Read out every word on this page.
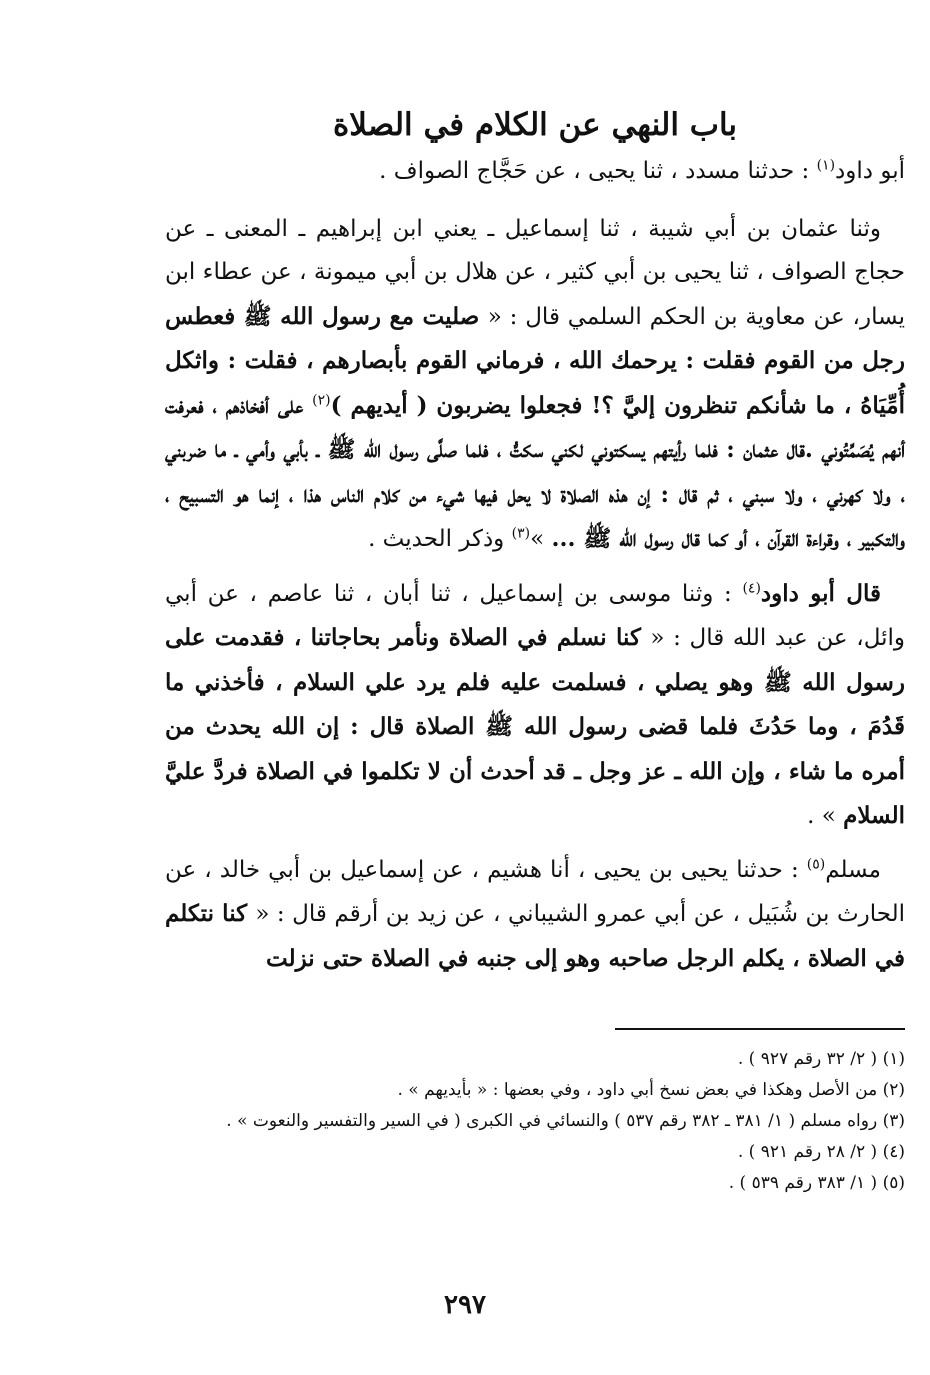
باب النهي عن الكلام في الصلاة

أبو داود$^{(١)}$ : حدثنا مسدد ، ثنا يحيى ، عن حَجَّاج الصواف .

وثنا عثمان بن أبي شيبة ، ثنا إسماعيل ـ يعني ابن إبراهيم ـ المعنى ـ عن حجاج الصواف ، ثنا يحيى بن أبي كثير ، عن هلال بن أبي ميمونة ، عن عطاء ابن يسار، عن معاوية بن الحكم السلمي قال : « صليت مع رسول الله ﷺ فعطس رجل من القوم فقلت : يرحمك الله ، فرماني القوم بأبصارهم ، فقلت : واثكل أُمِّيَاهُ ، ما شأنكم تنظرون إليَّ ؟! فجعلوا يضربون ( أيديهم )$^{(٢)}$ على أفخاذهم ، فعرفت أنهم يُصَمِّتُوني .قال عثمان : فلما رأيتهم يسكتوني لكني سكتُّ ، فلما صلَّى رسول الله ﷺ ـ بأبي وأمي ـ ما ضربني ، ولا كهرني ، ولا سبني ، ثم قال : إن هذه الصلاة لا يحل فيها شيء من كلام الناس هذا ، إنما هو التسبيح ، والتكبير ، وقراءة القرآن ، أو كما قال رسول الله ﷺ ... »$^{(٣)}$ وذكر الحديث .

قال أبو داود$^{(٤)}$ : وثنا موسى بن إسماعيل ، ثنا أبان ، ثنا عاصم ، عن أبي وائل، عن عبد الله قال : « كنا نسلم في الصلاة ونأمر بحاجاتنا ، فقدمت على رسول الله ﷺ وهو يصلي ، فسلمت عليه فلم يرد علي السلام ، فأخذني ما قَدُمَ ، وما حَدُثَ فلما قضى رسول الله ﷺ الصلاة قال : إن الله يحدث من أمره ما شاء ، وإن الله ـ عز وجل ـ قد أحدث أن لا تكلموا في الصلاة فردَّ عليَّ السلام » .

مسلم$^{(٥)}$ : حدثنا يحيى بن يحيى ، أنا هشيم ، عن إسماعيل بن أبي خالد ، عن الحارث بن شُبَيل ، عن أبي عمرو الشيباني ، عن زيد بن أرقم قال : « كنا نتكلم في الصلاة ، يكلم الرجل صاحبه وهو إلى جنبه في الصلاة حتى نزلت

(١) ( ٢/ ٣٢ رقم ٩٢٧ ) .

(٢) من الأصل وهكذا في بعض نسخ أبي داود ، وفي بعضها : « بأيديهم » .

(٣) رواه مسلم ( ١/ ٣٨١ ـ ٣٨٢ رقم ٥٣٧ ) والنسائي في الكبرى ( في السير والتفسير والنعوت » .

(٤) ( ٢/ ٢٨ رقم ٩٢١ ) .

(٥) ( ١/ ٣٨٣ رقم ٥٣٩ ) .

٢٩٧
